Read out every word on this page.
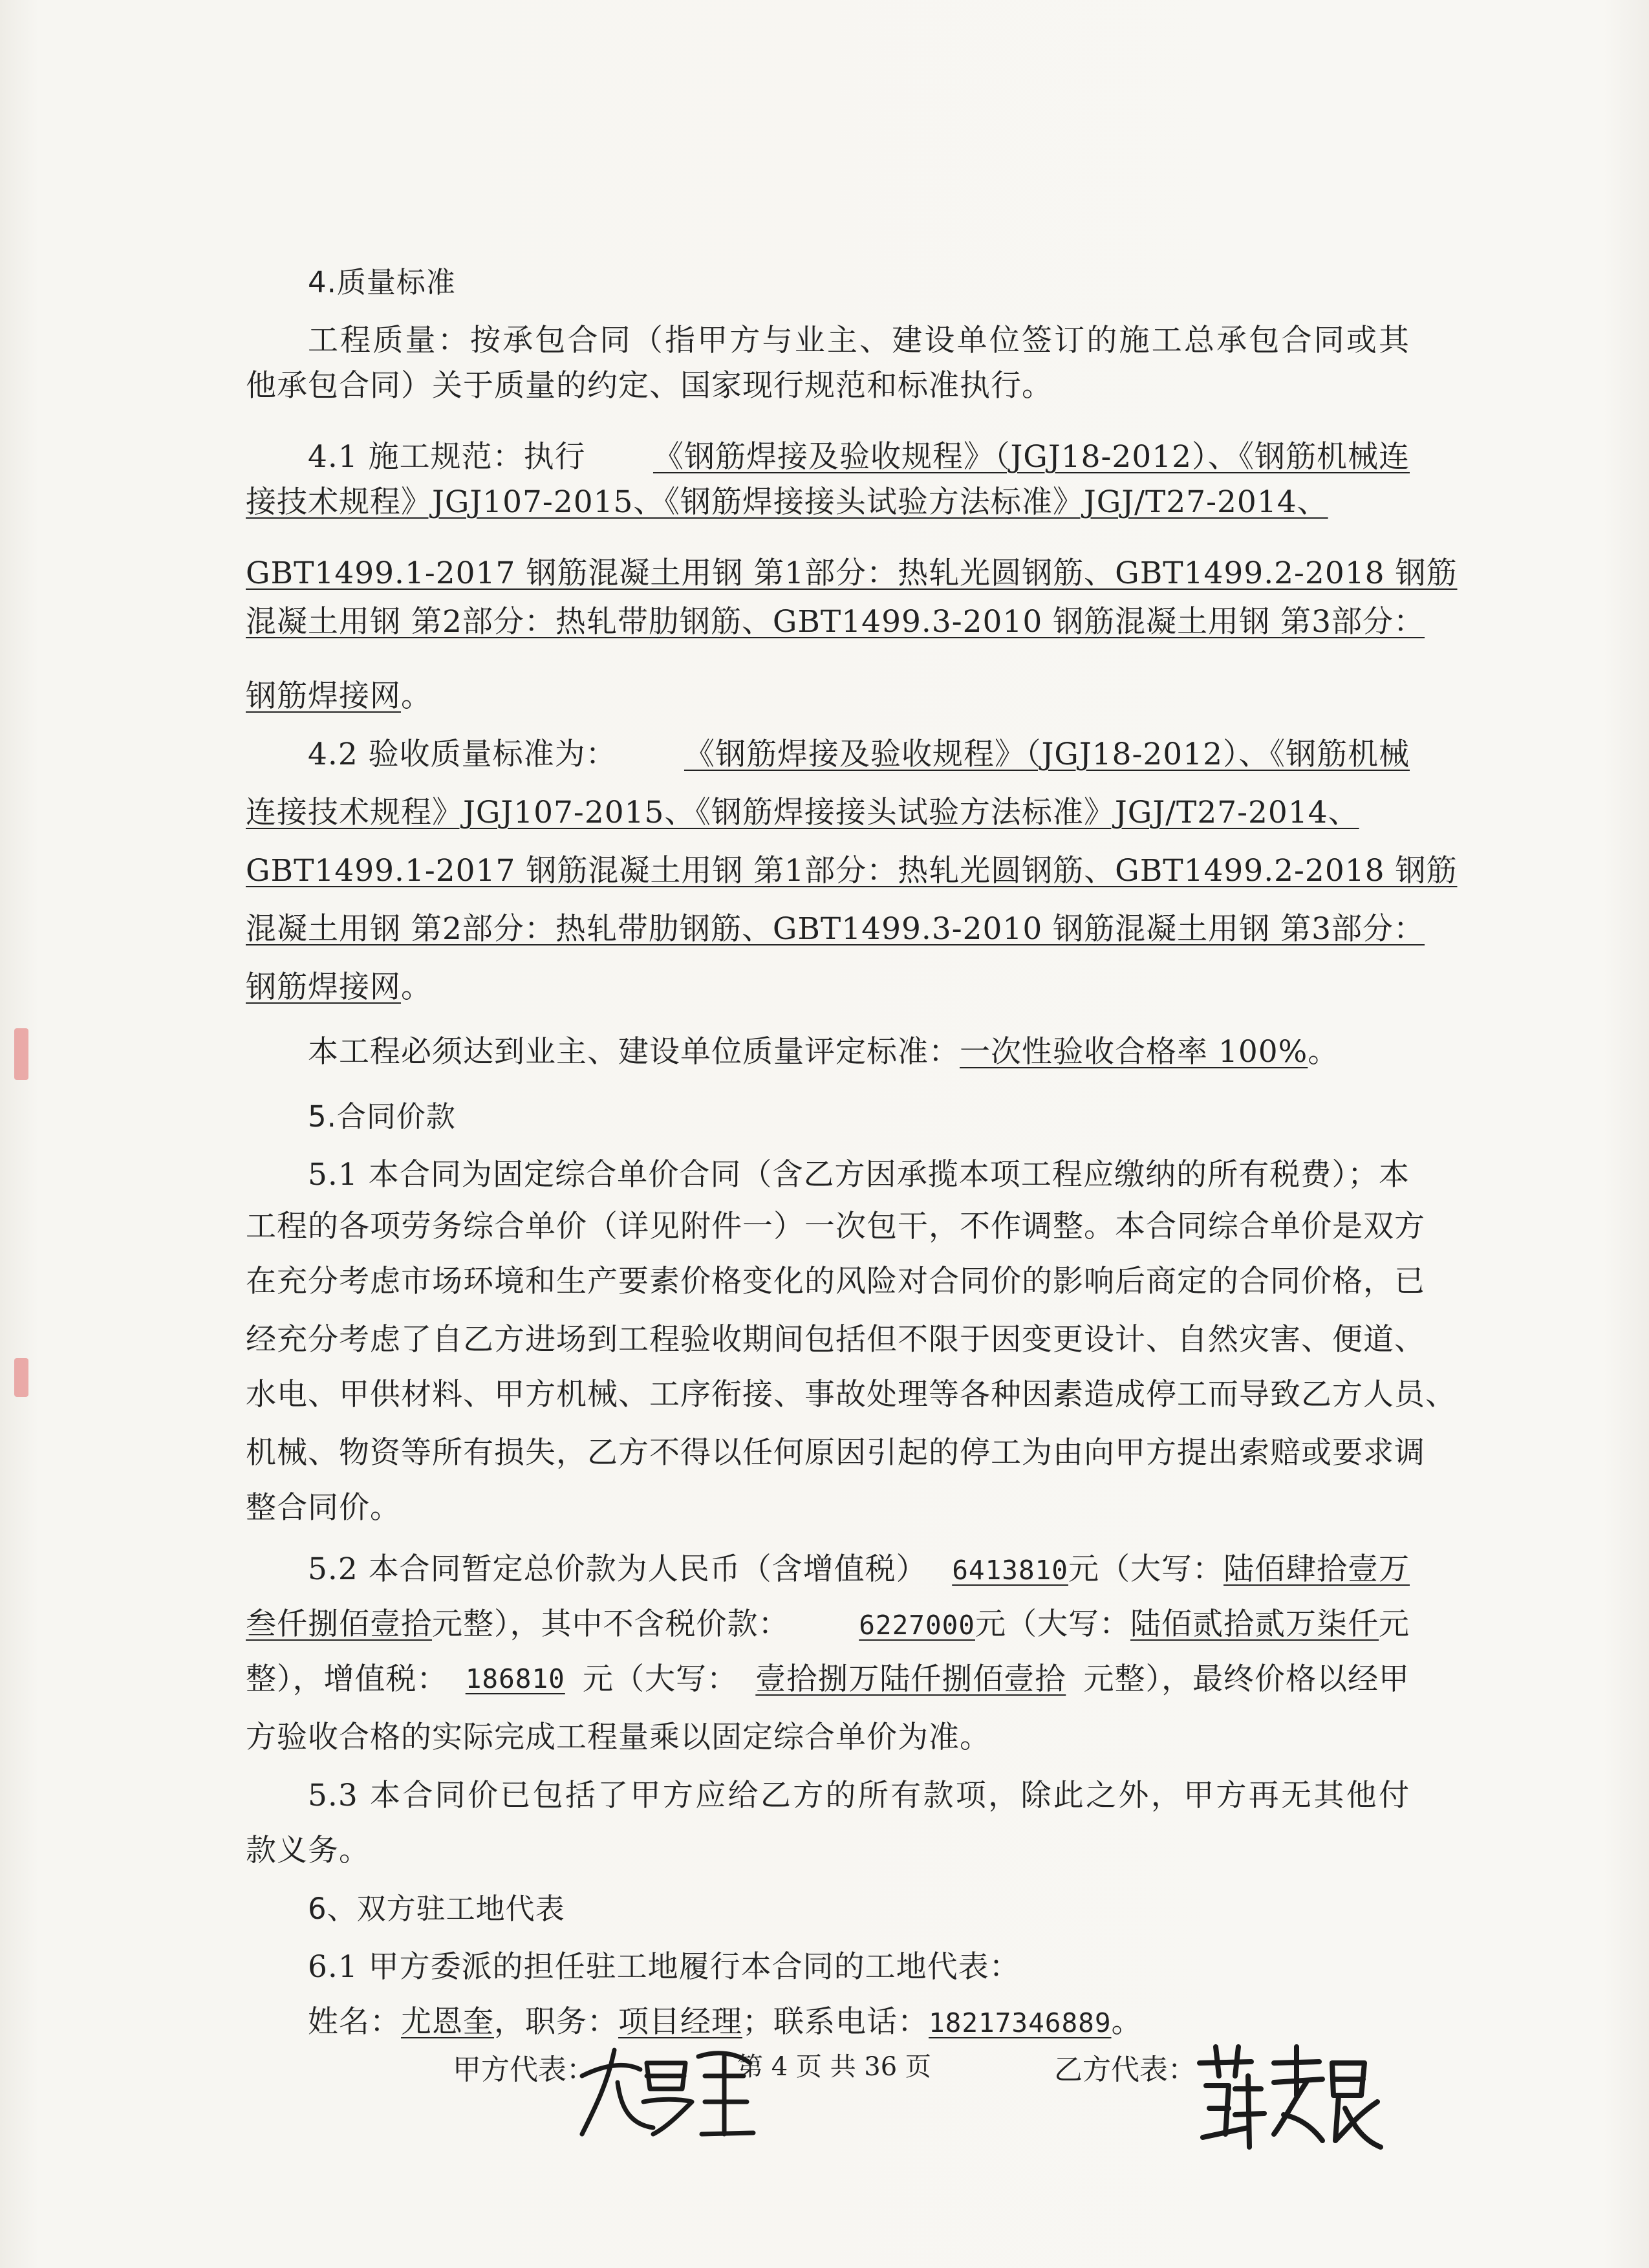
4.质量标准
工程质量：按承包合同（指甲方与业主、建设单位签订的施工总承包合同或其
他承包合同）关于质量的约定、国家现行规范和标准执行。
4.1 施工规范：执行 《钢筋焊接及验收规程》（JGJ18-2012）、《钢筋机械连
接技术规程》JGJ107-2015、《钢筋焊接接头试验方法标准》JGJ/T27-2014、
GBT1499.1-2017 钢筋混凝土用钢 第1部分：热轧光圆钢筋、GBT1499.2-2018 钢筋
混凝土用钢 第2部分：热轧带肋钢筋、GBT1499.3-2010 钢筋混凝土用钢 第3部分：
钢筋焊接网。
4.2 验收质量标准为： 《钢筋焊接及验收规程》（JGJ18-2012）、《钢筋机械
连接技术规程》JGJ107-2015、《钢筋焊接接头试验方法标准》JGJ/T27-2014、
GBT1499.1-2017 钢筋混凝土用钢 第1部分：热轧光圆钢筋、GBT1499.2-2018 钢筋
混凝土用钢 第2部分：热轧带肋钢筋、GBT1499.3-2010 钢筋混凝土用钢 第3部分：
钢筋焊接网。
本工程必须达到业主、建设单位质量评定标准：一次性验收合格率 100%。
5.合同价款
5.1 本合同为固定综合单价合同（含乙方因承揽本项工程应缴纳的所有税费）；本
工程的各项劳务综合单价（详见附件一）一次包干，不作调整。本合同综合单价是双方
在充分考虑市场环境和生产要素价格变化的风险对合同价的影响后商定的合同价格，已
经充分考虑了自乙方进场到工程验收期间包括但不限于因变更设计、自然灾害、便道、
水电、甲供材料、甲方机械、工序衔接、事故处理等各种因素造成停工而导致乙方人员、
机械、物资等所有损失，乙方不得以任何原因引起的停工为由向甲方提出索赔或要求调
整合同价。
5.2 本合同暂定总价款为人民币（含增值税） 6413810元（大写：陆佰肆拾壹万
叁仟捌佰壹拾元整），其中不含税价款：	6227000元（大写：陆佰贰拾贰万柒仟元
整），增值税： 186810 元（大写： 壹拾捌万陆仟捌佰壹拾 元整），最终价格以经甲
方验收合格的实际完成工程量乘以固定综合单价为准。
5.3 本合同价已包括了甲方应给乙方的所有款项，除此之外，甲方再无其他付
款义务。
6、双方驻工地代表
6.1 甲方委派的担任驻工地履行本合同的工地代表：
姓名：尤恩奎，职务：项目经理；联系电话：18217346889。
甲方代表：	第 4 页 共 36 页	乙方代表：
